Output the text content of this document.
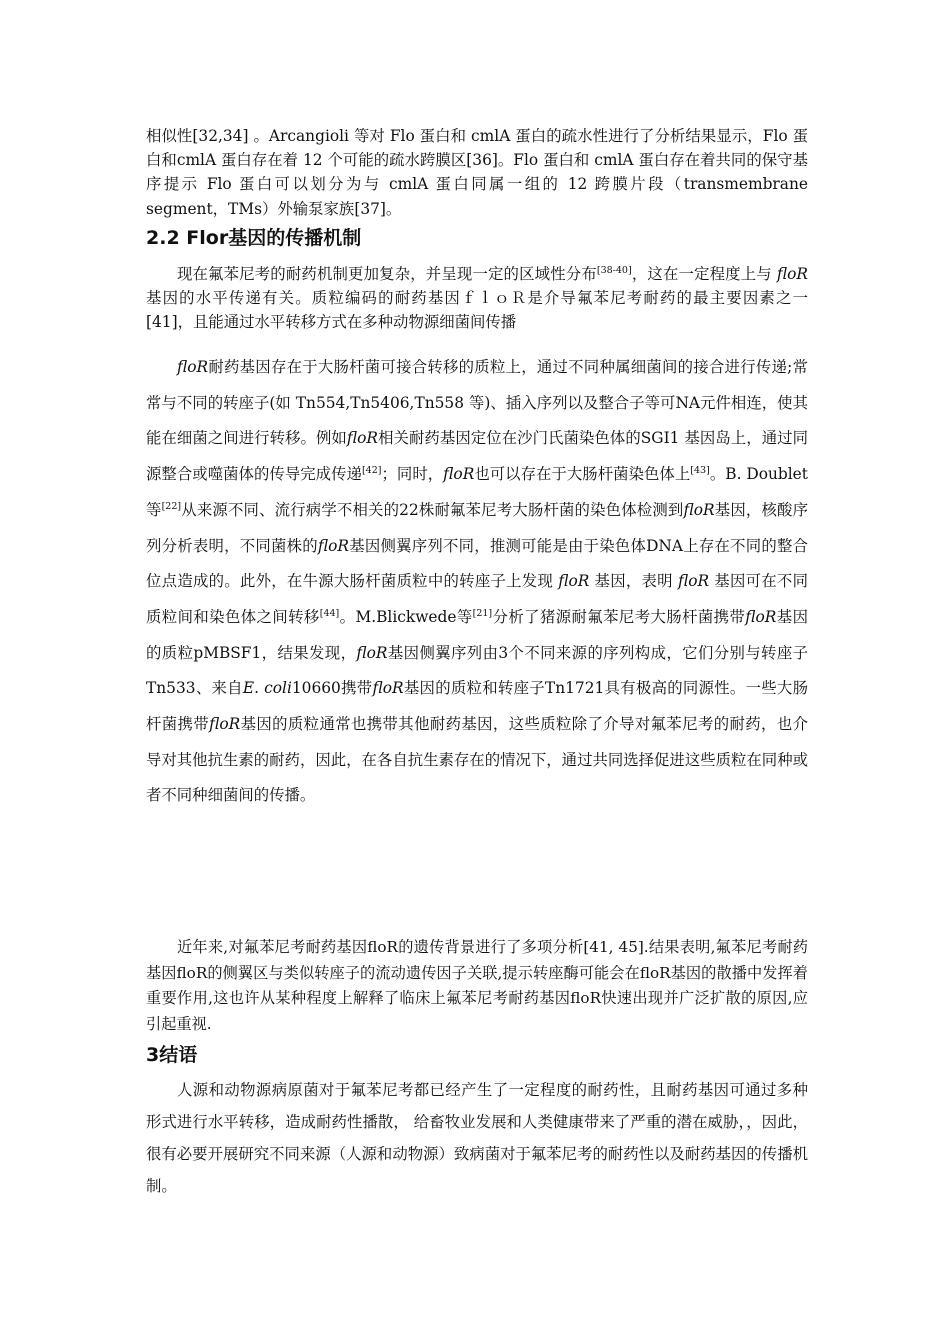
相似性[32,34] 。Arcangioli 等对 Flo 蛋白和 cmlA 蛋白的疏水性进行了分析结果显示，Flo 蛋白和cmlA 蛋白存在着 12 个可能的疏水跨膜区[36]。Flo 蛋白和 cmlA 蛋白存在着共同的保守基序提示 Flo 蛋白可以划分为与 cmlA 蛋白同属一组的 12 跨膜片段（transmembrane segment，TMs）外输泵家族[37]。

2.2 Flor基因的传播机制

现在氟苯尼考的耐药机制更加复杂，并呈现一定的区域性分布[38-40]，这在一定程度上与 floR 基因的水平传递有关。质粒编码的耐药基因ｆｌｏＲ是介导氟苯尼考耐药的最主要因素之一[41]，且能通过水平转移方式在多种动物源细菌间传播

floR耐药基因存在于大肠杆菌可接合转移的质粒上，通过不同种属细菌间的接合进行传递;常常与不同的转座子(如 Tn554,Tn5406,Tn558 等)、插入序列以及整合子等可NA元件相连，使其能在细菌之间进行转移。例如floR相关耐药基因定位在沙门氏菌染色体的SGI1 基因岛上，通过同源整合或噬菌体的传导完成传递[42]；同时，floR也可以存在于大肠杆菌染色体上[43]。B. Doublet等[22]从来源不同、流行病学不相关的22株耐氟苯尼考大肠杆菌的染色体检测到floR基因，核酸序列分析表明，不同菌株的floR基因侧翼序列不同，推测可能是由于染色体DNA上存在不同的整合位点造成的。此外，在牛源大肠杆菌质粒中的转座子上发现 floR 基因，表明 floR 基因可在不同质粒间和染色体之间转移[44]。M.Blickwede等[21]分析了猪源耐氟苯尼考大肠杆菌携带floR基因的质粒pMBSF1，结果发现，floR基因侧翼序列由3个不同来源的序列构成，它们分别与转座子Tn533、来自E. coli10660携带floR基因的质粒和转座子Tn1721具有极高的同源性。一些大肠杆菌携带floR基因的质粒通常也携带其他耐药基因，这些质粒除了介导对氟苯尼考的耐药，也介导对其他抗生素的耐药，因此，在各自抗生素存在的情况下，通过共同选择促进这些质粒在同种或者不同种细菌间的传播。

近年来,对氟苯尼考耐药基因floR的遗传背景进行了多项分析[41, 45].结果表明,氟苯尼考耐药基因floR的侧翼区与类似转座子的流动遗传因子关联,提示转座酶可能会在floR基因的散播中发挥着重要作用,这也许从某种程度上解释了临床上氟苯尼考耐药基因floR快速出现并广泛扩散的原因,应引起重视.

3结语

人源和动物源病原菌对于氟苯尼考都已经产生了一定程度的耐药性，且耐药基因可通过多种形式进行水平转移，造成耐药性播散， 给畜牧业发展和人类健康带来了严重的潜在威胁，，因此，很有必要开展研究不同来源（人源和动物源）致病菌对于氟苯尼考的耐药性以及耐药基因的传播机制。
